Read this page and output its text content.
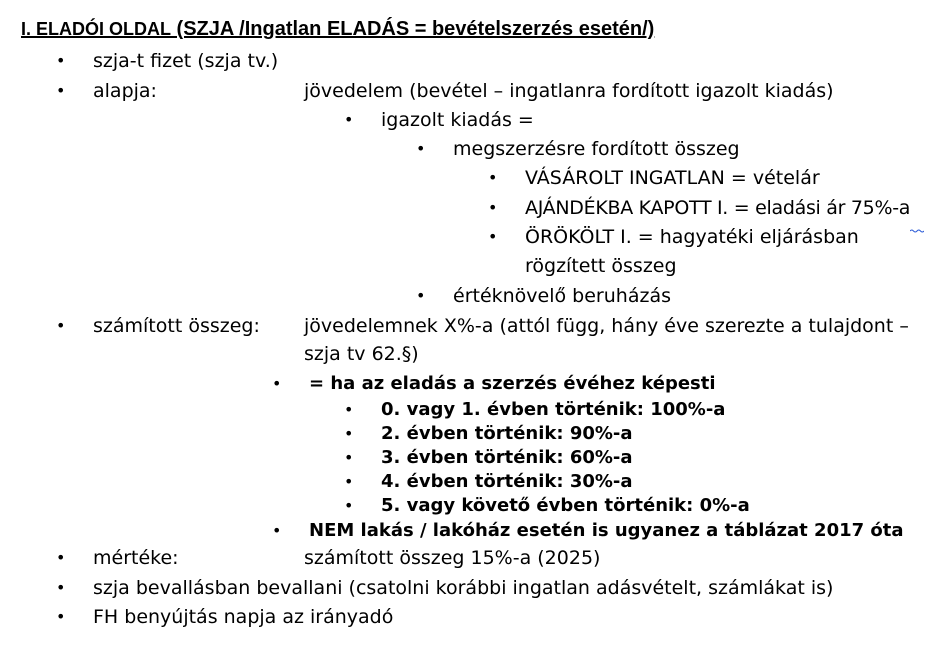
I. ELADÓI OLDAL (SZJA /Ingatlan ELADÁS = bevételszerzés esetén/)
• szja-t fizet (szja tv.)
• alapja:	jövedelem (bevétel – ingatlanra fordított igazolt kiadás)
• igazolt kiadás =
• megszerzésre fordított összeg
• VÁSÁROLT INGATLAN = vételár
• AJÁNDÉKBA KAPOTT I. = eladási ár 75%-a
• ÖRÖKÖLT I. = hagyatéki eljárásban
rögzített összeg
• értéknövelő beruházás
• számított összeg: jövedelemnek X%-a (attól függ, hány éve szerezte a tulajdont –
szja tv 62.§)
• = ha az eladás a szerzés évéhez képesti
• 0. vagy 1. évben történik: 100%-a
• 2. évben történik: 90%-a
• 3. évben történik: 60%-a
• 4. évben történik: 30%-a
• 5. vagy követő évben történik: 0%-a
• NEM lakás / lakóház esetén is ugyanez a táblázat 2017 óta
• mértéke:	számított összeg 15%-a (2025)
• szja bevallásban bevallani (csatolni korábbi ingatlan adásvételt, számlákat is)
• FH benyújtás napja az irányadó
